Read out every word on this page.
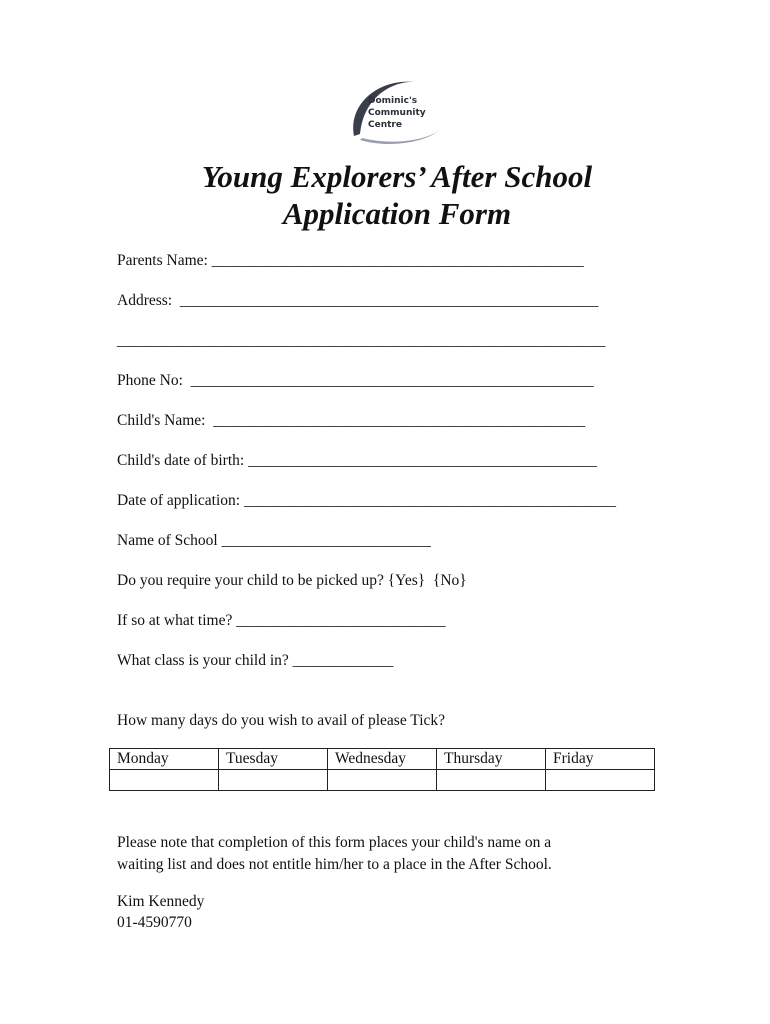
Dominic's
Community
Centre
Young Explorers’ After School
Application Form
Parents Name: ________________________________________________
Address:  ______________________________________________________
_______________________________________________________________
Phone No:  ____________________________________________________
Child's Name:  ________________________________________________
Child's date of birth: _____________________________________________
Date of application: ________________________________________________
Name of School ___________________________
Do you require your child to be picked up? {Yes}  {No}
If so at what time? ___________________________
What class is your child in? _____________
How many days do you wish to avail of please Tick?
Monday	Tuesday	Wednesday	Thursday	Friday

Please note that completion of this form places your child's name on a
waiting list and does not entitle him/her to a place in the After School.
Kim Kennedy
01-4590770
